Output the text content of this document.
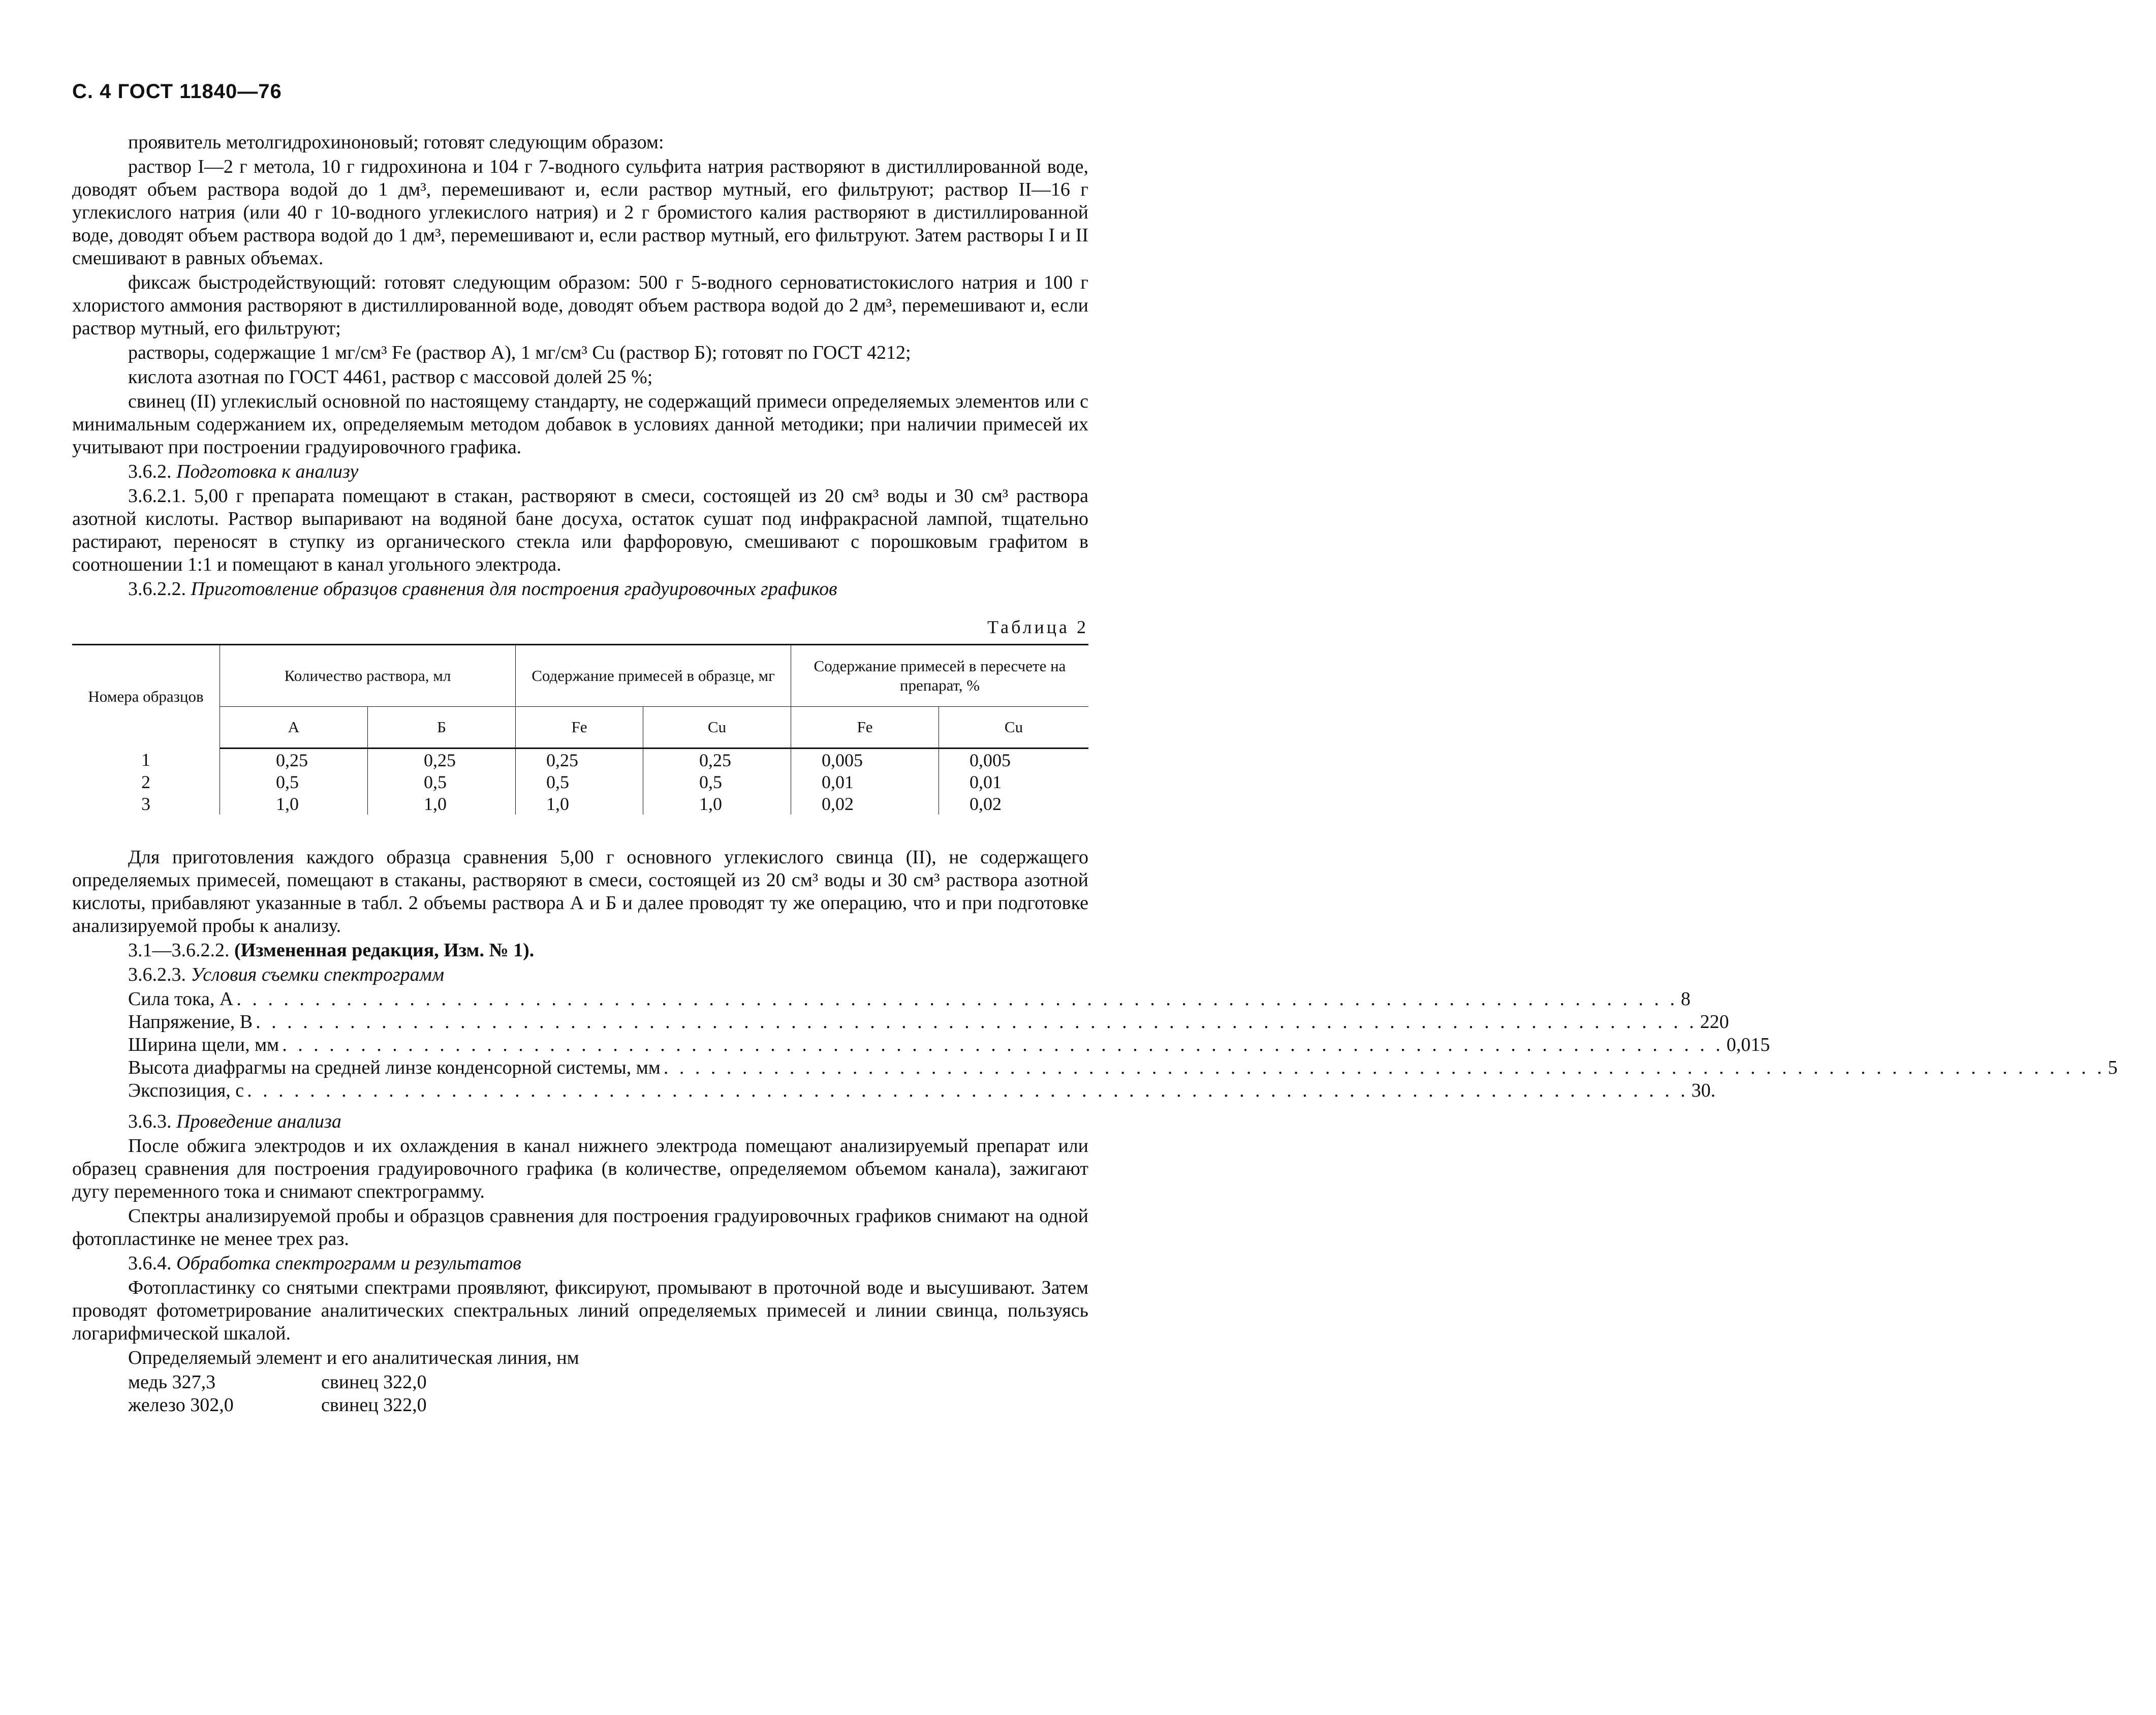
С. 4 ГОСТ 11840—76

проявитель метолгидрохиноновый; готовят следующим образом:

раствор I—2 г метола, 10 г гидрохинона и 104 г 7-водного сульфита натрия растворяют в дистиллированной воде, доводят объем раствора водой до 1 дм³, перемешивают и, если раствор мутный, его фильтруют; раствор II—16 г углекислого натрия (или 40 г 10-водного углекислого натрия) и 2 г бромистого калия растворяют в дистиллированной воде, доводят объем раствора водой до 1 дм³, перемешивают и, если раствор мутный, его фильтруют. Затем растворы I и II смешивают в равных объемах.

фиксаж быстродействующий: готовят следующим образом: 500 г 5-водного серноватистокислого натрия и 100 г хлористого аммония растворяют в дистиллированной воде, доводят объем раствора водой до 2 дм³, перемешивают и, если раствор мутный, его фильтруют;

растворы, содержащие 1 мг/см³ Fe (раствор А), 1 мг/см³ Cu (раствор Б); готовят по ГОСТ 4212;

кислота азотная по ГОСТ 4461, раствор с массовой долей 25 %;

свинец (II) углекислый основной по настоящему стандарту, не содержащий примеси определяемых элементов или с минимальным содержанием их, определяемым методом добавок в условиях данной методики; при наличии примесей их учитывают при построении градуировочного графика.

3.6.2. Подготовка к анализу

3.6.2.1. 5,00 г препарата помещают в стакан, растворяют в смеси, состоящей из 20 см³ воды и 30 см³ раствора азотной кислоты. Раствор выпаривают на водяной бане досуха, остаток сушат под инфракрасной лампой, тщательно растирают, переносят в ступку из органического стекла или фарфоровую, смешивают с порошковым графитом в соотношении 1:1 и помещают в канал угольного электрода.

3.6.2.2. Приготовление образцов сравнения для построения градуировочных графиков

Таблица 2
Номера образцов	Количество раствора, мл		Содержание примесей в образце, мг		Содержание примесей в пересчете на препарат, %	
	А	Б	Fe	Cu	Fe	Cu
1	0,25	0,25	0,25	0,25	0,005	0,005
2	0,5	0,5	0,5	0,5	0,01	0,01
3	1,0	1,0	1,0	1,0	0,02	0,02

Для приготовления каждого образца сравнения 5,00 г основного углекислого свинца (II), не содержащего определяемых примесей, помещают в стаканы, растворяют в смеси, состоящей из 20 см³ воды и 30 см³ раствора азотной кислоты, прибавляют указанные в табл. 2 объемы раствора А и Б и далее проводят ту же операцию, что и при подготовке анализируемой пробы к анализу.

3.1—3.6.2.2. (Измененная редакция, Изм. № 1).

3.6.2.3. Условия съемки спектрограмм

Сила тока, А . . . . . . . . . . . . . . . . . . . . . . . . . . . . . . . . . . . . . . . . . . . . . . . . . . . . . . . . . . . . . . . . . . . . . . . . . . . . . . . . . . . . . . . . . . . . 8
Напряжение, В . . . . . . . . . . . . . . . . . . . . . . . . . . . . . . . . . . . . . . . . . . . . . . . . . . . . . . . . . . . . . . . . . . . . . . . . . . . . . . . . . . . . . . . . . . . . 220
Ширина щели, мм . . . . . . . . . . . . . . . . . . . . . . . . . . . . . . . . . . . . . . . . . . . . . . . . . . . . . . . . . . . . . . . . . . . . . . . . . . . . . . . . . . . . . . . . . . . . 0,015
Высота диафрагмы на средней линзе конденсорной системы, мм . . . . . . . . . . . . . . . . . . . . . . . . . . . . . . . . . . . . . . . . . . . . . . . . . . . . . . . . . . . . . . . . . . . . . . . . . . . . . . . . . . . . . . . . . . . . 5
Экспозиция, с . . . . . . . . . . . . . . . . . . . . . . . . . . . . . . . . . . . . . . . . . . . . . . . . . . . . . . . . . . . . . . . . . . . . . . . . . . . . . . . . . . . . . . . . . . . . 30.

3.6.3. Проведение анализа

После обжига электродов и их охлаждения в канал нижнего электрода помещают анализируемый препарат или образец сравнения для построения градуировочного графика (в количестве, определяемом объемом канала), зажигают дугу переменного тока и снимают спектрограмму.

Спектры анализируемой пробы и образцов сравнения для построения градуировочных графиков снимают на одной фотопластинке не менее трех раз.

3.6.4. Обработка спектрограмм и результатов

Фотопластинку со снятыми спектрами проявляют, фиксируют, промывают в проточной воде и высушивают. Затем проводят фотометрирование аналитических спектральных линий определяемых примесей и линии свинца, пользуясь логарифмической шкалой.

Определяемый элемент и его аналитическая линия, нм

медь 327,3	свинец 322,0
железо 302,0	свинец 322,0
